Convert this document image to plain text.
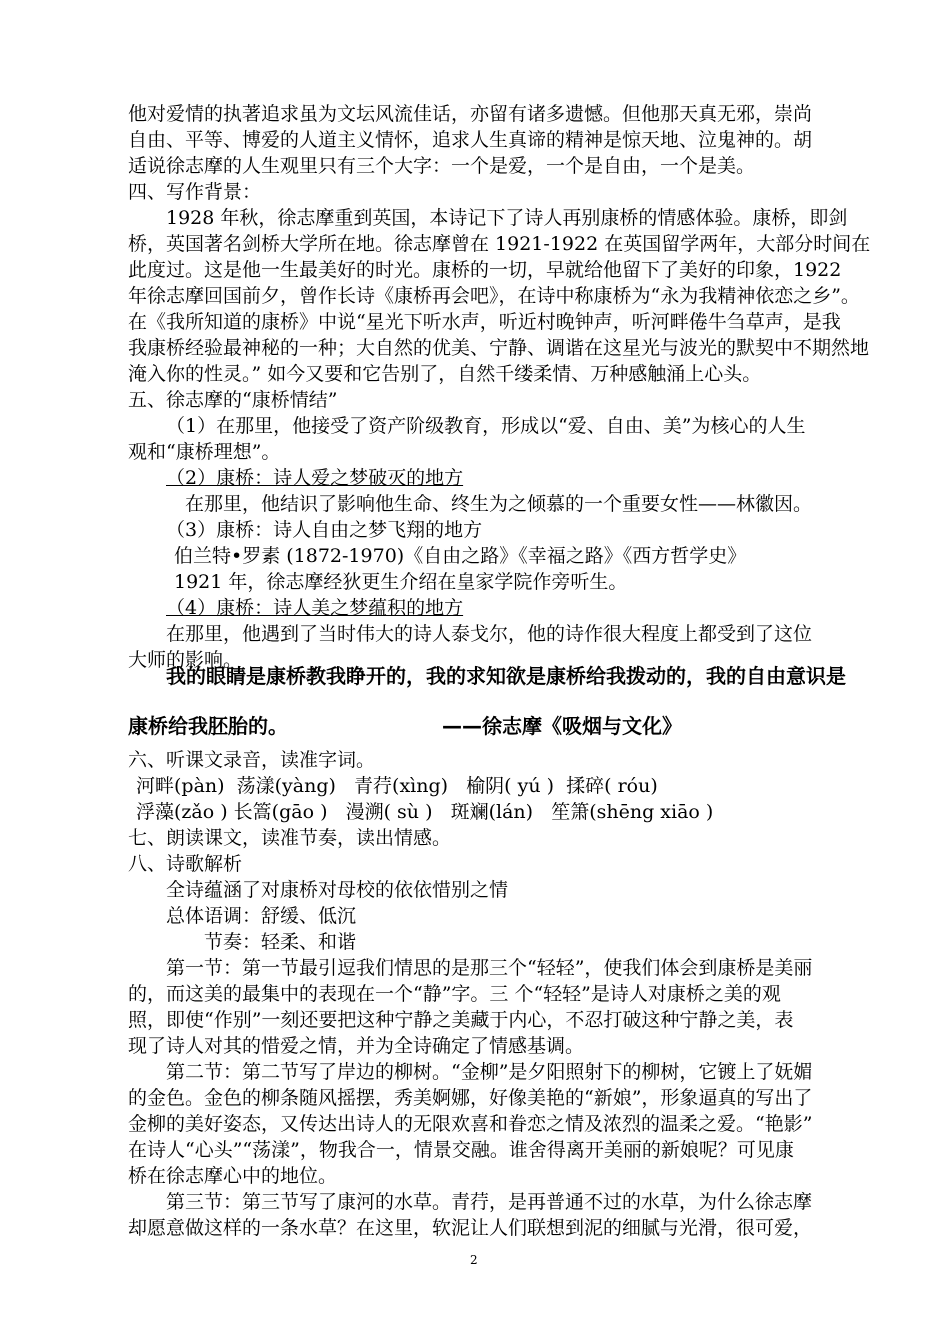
他对爱情的执著追求虽为文坛风流佳话，亦留有诸多遗憾。但他那天真无邪，崇尚
自由、平等、博爱的人道主义情怀，追求人生真谛的精神是惊天地、泣鬼神的。胡
适说徐志摩的人生观里只有三个大字：一个是爱，一个是自由，一个是美。
四、写作背景：
1928 年秋，徐志摩重到英国，本诗记下了诗人再别康桥的情感体验。康桥，即剑
桥，英国著名剑桥大学所在地。徐志摩曾在 1921-1922 在英国留学两年，大部分时间在
此度过。这是他一生最美好的时光。康桥的一切，早就给他留下了美好的印象，1922
年徐志摩回国前夕，曾作长诗《康桥再会吧》，在诗中称康桥为“永为我精神依恋之乡”。
在《我所知道的康桥》中说“星光下听水声，听近村晚钟声，听河畔倦牛刍草声，是我
我康桥经验最神秘的一种；大自然的优美、宁静、调谐在这星光与波光的默契中不期然地
淹入你的性灵。” 如今又要和它告别了，自然千缕柔情、万种感触涌上心头。
五、徐志摩的“康桥情结”
（1）在那里，他接受了资产阶级教育，形成以“爱、自由、美”为核心的人生
观和“康桥理想”。
（2）康桥：诗人爱之梦破灭的地方
在那里，他结识了影响他生命、终生为之倾慕的一个重要女性——林徽因。
（3）康桥：诗人自由之梦飞翔的地方
伯兰特•罗素 (1872-1970)《自由之路》《幸福之路》《西方哲学史》
1921 年，徐志摩经狄更生介绍在皇家学院作旁听生。
（4）康桥：诗人美之梦蕴积的地方
在那里，他遇到了当时伟大的诗人泰戈尔，他的诗作很大程度上都受到了这位
大师的影响。
我的眼睛是康桥教我睁开的，我的求知欲是康桥给我拨动的，我的自由意识是
康桥给我胚胎的。	——徐志摩《吸烟与文化》
六、听课文录音，读准字词。
河畔(pàn)  荡漾(yàng)   青荇(xìng)   榆阴( yú )  揉碎( róu)
浮藻(zǎo ) 长篙(gāo )   漫溯( sù )   斑斓(lán)   笙箫(shēng xiāo )
七、朗读课文，读准节奏，读出情感。
八、诗歌解析
全诗蕴涵了对康桥对母校的依依惜别之情
总体语调：舒缓、低沉
节奏：轻柔、和谐
第一节：第一节最引逗我们情思的是那三个“轻轻”，使我们体会到康桥是美丽
的，而这美的最集中的表现在一个“静”字。三 个“轻轻”是诗人对康桥之美的观
照，即使“作别”一刻还要把这种宁静之美藏于内心，不忍打破这种宁静之美，表
现了诗人对其的惜爱之情，并为全诗确定了情感基调。
第二节：第二节写了岸边的柳树。“金柳”是夕阳照射下的柳树，它镀上了妩媚
的金色。金色的柳条随风摇摆，秀美婀娜，好像美艳的“新娘”，形象逼真的写出了
金柳的美好姿态，又传达出诗人的无限欢喜和眷恋之情及浓烈的温柔之爱。“艳影”
在诗人“心头”“荡漾”，物我合一，情景交融。谁舍得离开美丽的新娘呢？可见康
桥在徐志摩心中的地位。
第三节：第三节写了康河的水草。青荇，是再普通不过的水草，为什么徐志摩
却愿意做这样的一条水草？在这里，软泥让人们联想到泥的细腻与光滑，很可爱，
2
